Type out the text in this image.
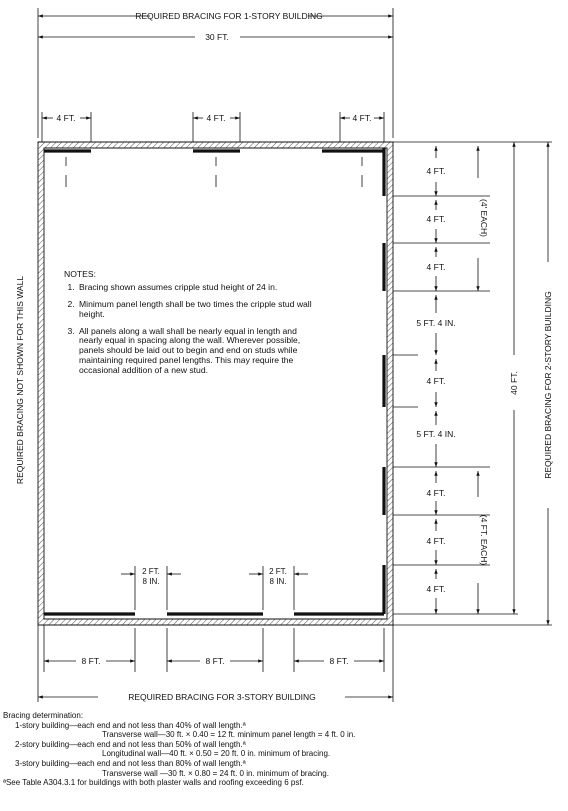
REQUIRED BRACING FOR 1-STORY BUILDING
30 FT.
4 FT.	4 FT.	4 FT.
4 FT.
4 FT.
4 FT.
5 FT. 4 IN.
4 FT.
5 FT. 4 IN.
4 FT.
4 FT.
4 FT.
(4' EACH)
(4 FT. EACH)
40 FT.	REQUIRED BRACING FOR 2-STORY BUILDING
REQUIRED BRACING NOT SHOWN FOR THIS WALL
2 FT.
8 IN.
2 FT.
8 IN.
8 FT.	8 FT.	8 FT.
REQUIRED BRACING FOR 3-STORY BUILDING
NOTES:
1. Bracing shown assumes cripple stud height of 24 in.
2. Minimum panel length shall be two times the cripple stud wall height.
3. All panels along a wall shall be nearly equal in length and nearly equal in spacing along the wall. Wherever possible, panels should be laid out to begin and end on studs while maintaining required panel lengths. This may require the occasional addition of a new stud.
Bracing determination:
1-story building—each end and not less than 40% of wall length.ª
Transverse wall—30 ft. × 0.40 = 12 ft. minimum panel length = 4 ft. 0 in.
2-story building—each end and not less than 50% of wall length.ª
Longitudinal wall—40 ft. × 0.50 = 20 ft. 0 in. minimum of bracing.
3-story building—each end and not less than 80% of wall length.ª
Transverse wall —30 ft. × 0.80 = 24 ft. 0 in. minimum of bracing.
ªSee Table A304.3.1 for buildings with both plaster walls and roofing exceeding 6 psf.
